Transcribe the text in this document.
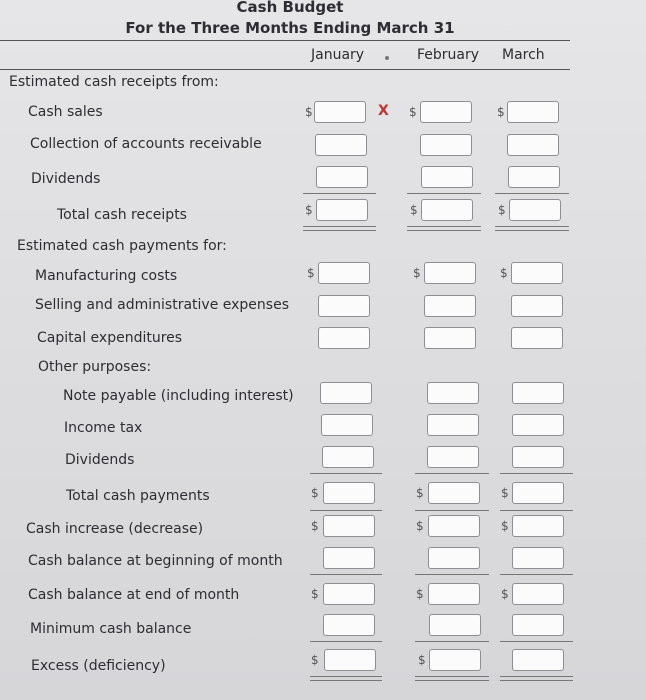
Cash Budget
For the Three Months Ending March 31
January	February March
Estimated cash receipts from:
Cash sales
Collection of accounts receivable
Dividends
Total cash receipts
Estimated cash payments for:
Manufacturing costs
Selling and administrative expenses
Capital expenditures
Other purposes:
Note payable (including interest)
Income tax
Dividends
Total cash payments
Cash increase (decrease)
Cash balance at beginning of month
Cash balance at end of month
Minimum cash balance
Excess (deficiency)
X
$
$
$
$
$
$
$
$
$
$
$
$
$
$
$
$
$
$
$
$
